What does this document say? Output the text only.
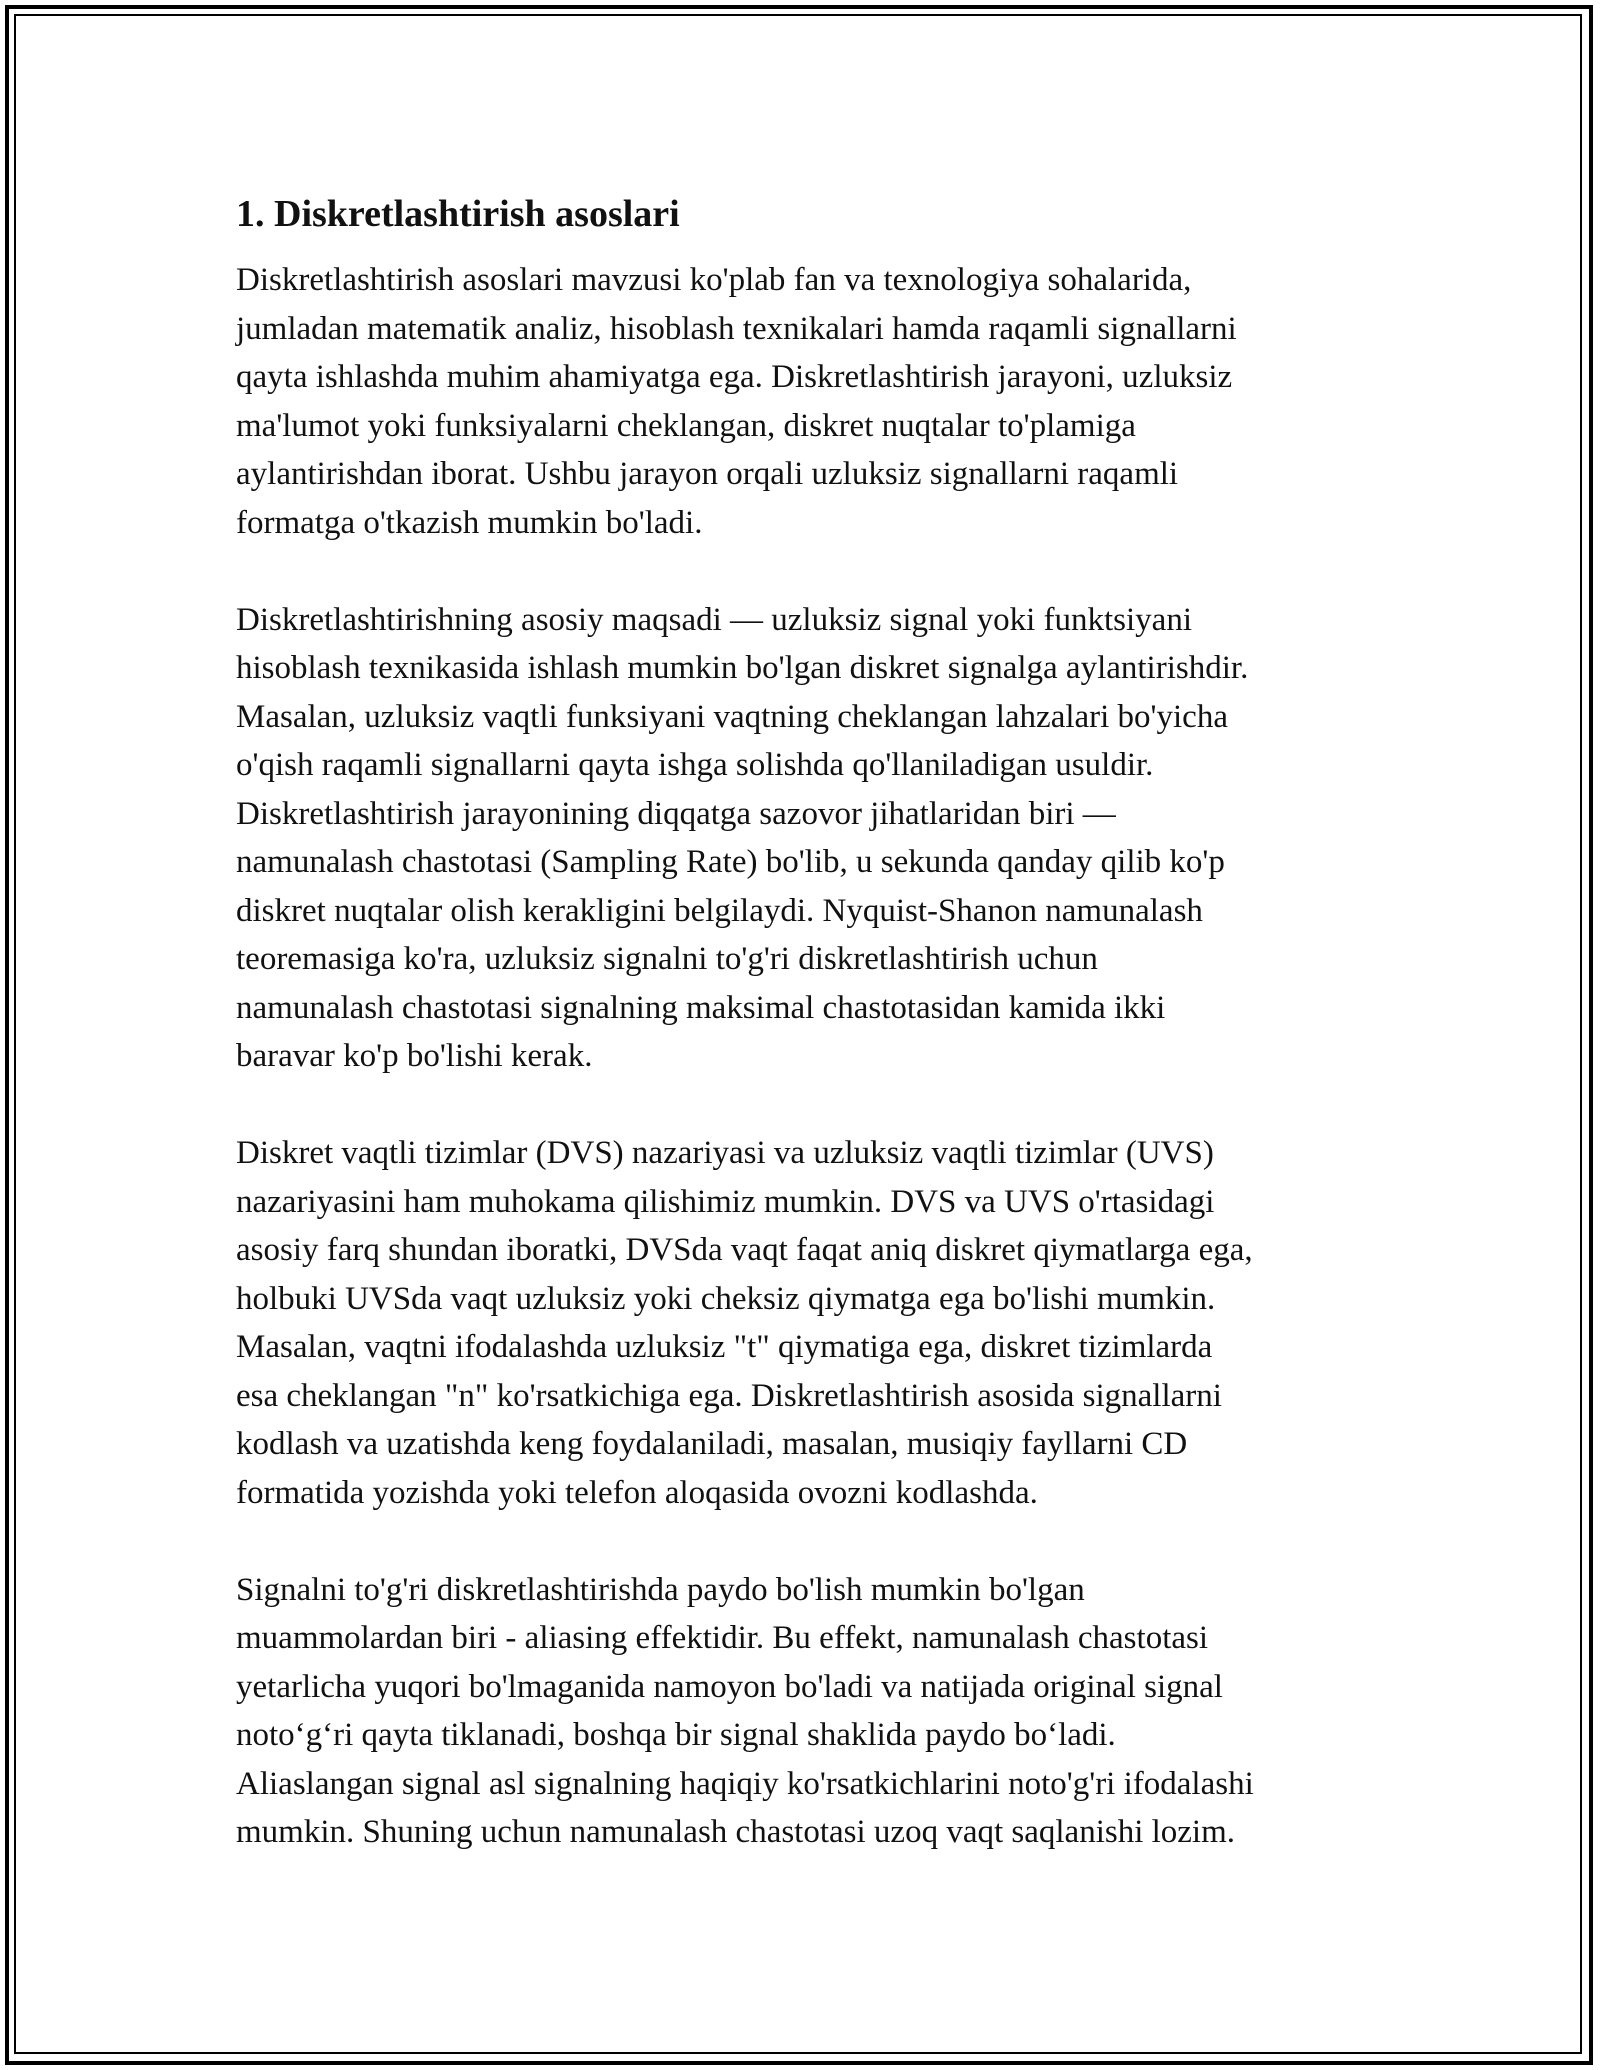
1. Diskretlashtirish asoslari

Diskretlashtirish asoslari mavzusi ko'plab fan va texnologiya sohalarida,
jumladan matematik analiz, hisoblash texnikalari hamda raqamli signallarni
qayta ishlashda muhim ahamiyatga ega. Diskretlashtirish jarayoni, uzluksiz
ma'lumot yoki funksiyalarni cheklangan, diskret nuqtalar to'plamiga
aylantirishdan iborat. Ushbu jarayon orqali uzluksiz signallarni raqamli
formatga o'tkazish mumkin bo'ladi.

Diskretlashtirishning asosiy maqsadi — uzluksiz signal yoki funktsiyani
hisoblash texnikasida ishlash mumkin bo'lgan diskret signalga aylantirishdir.
Masalan, uzluksiz vaqtli funksiyani vaqtning cheklangan lahzalari bo'yicha
o'qish raqamli signallarni qayta ishga solishda qo'llaniladigan usuldir.
Diskretlashtirish jarayonining diqqatga sazovor jihatlaridan biri —
namunalash chastotasi (Sampling Rate) bo'lib, u sekunda qanday qilib ko'p
diskret nuqtalar olish kerakligini belgilaydi. Nyquist-Shanon namunalash
teoremasiga ko'ra, uzluksiz signalni to'g'ri diskretlashtirish uchun
namunalash chastotasi signalning maksimal chastotasidan kamida ikki
baravar ko'p bo'lishi kerak.

Diskret vaqtli tizimlar (DVS) nazariyasi va uzluksiz vaqtli tizimlar (UVS)
nazariyasini ham muhokama qilishimiz mumkin. DVS va UVS o'rtasidagi
asosiy farq shundan iboratki, DVSda vaqt faqat aniq diskret qiymatlarga ega,
holbuki UVSda vaqt uzluksiz yoki cheksiz qiymatga ega bo'lishi mumkin.
Masalan, vaqtni ifodalashda uzluksiz "t" qiymatiga ega, diskret tizimlarda
esa cheklangan "n" ko'rsatkichiga ega. Diskretlashtirish asosida signallarni
kodlash va uzatishda keng foydalaniladi, masalan, musiqiy fayllarni CD
formatida yozishda yoki telefon aloqasida ovozni kodlashda.

Signalni to'g'ri diskretlashtirishda paydo bo'lish mumkin bo'lgan
muammolardan biri - aliasing effektidir. Bu effekt, namunalash chastotasi
yetarlicha yuqori bo'lmaganida namoyon bo'ladi va natijada original signal
noto‘g‘ri qayta tiklanadi, boshqa bir signal shaklida paydo bo‘ladi.
Aliaslangan signal asl signalning haqiqiy ko'rsatkichlarini noto'g'ri ifodalashi
mumkin. Shuning uchun namunalash chastotasi uzoq vaqt saqlanishi lozim.
